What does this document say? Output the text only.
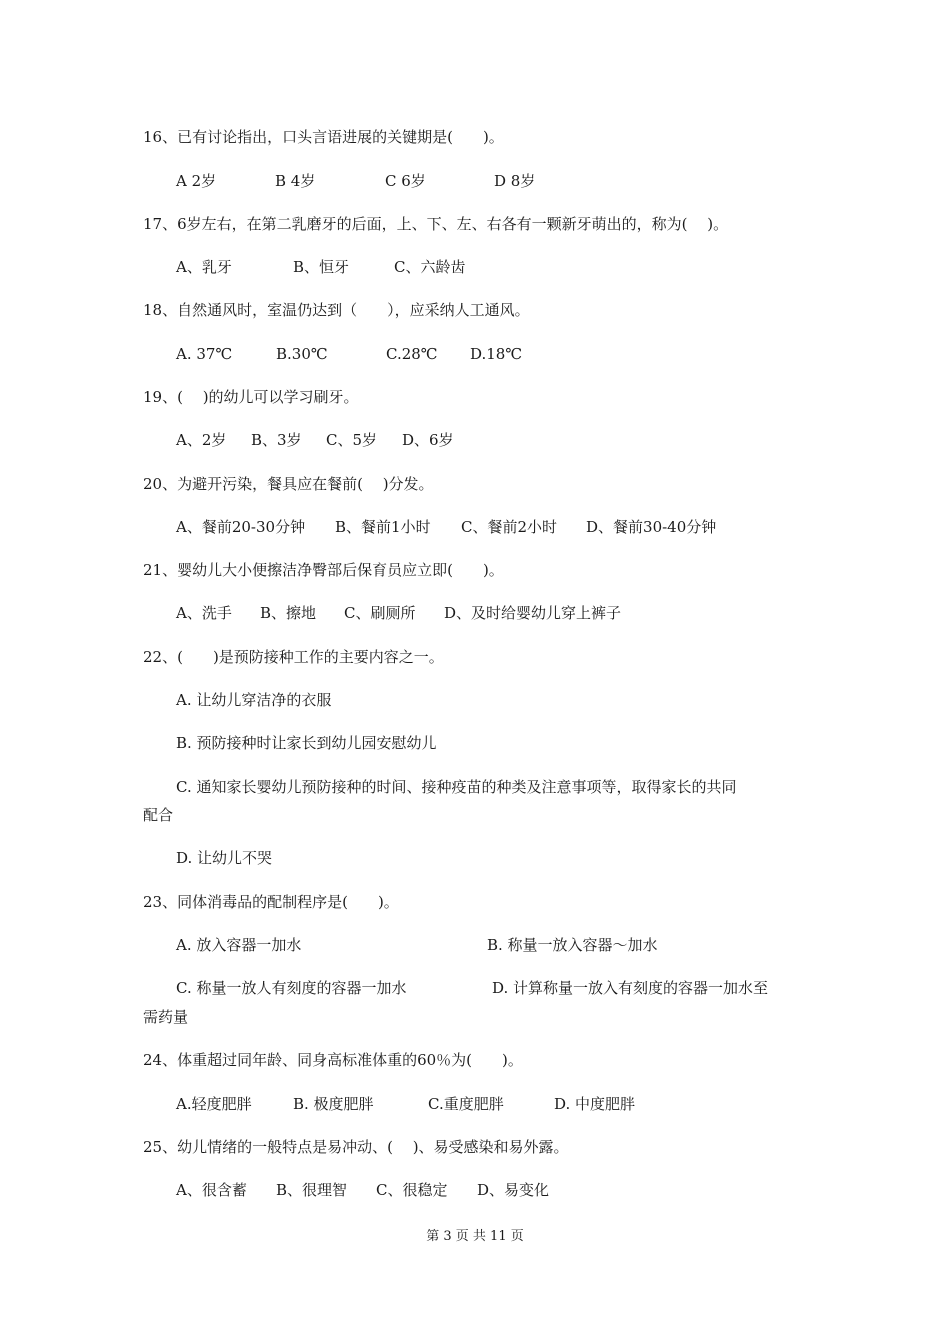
16、已有讨论指出，口头言语进展的关键期是(　　)。
A 2岁	B 4岁	C 6岁	D 8岁
17、6岁左右，在第二乳磨牙的后面，上、下、左、右各有一颗新牙萌出的，称为(　 )。
A、乳牙	B、恒牙	C、六龄齿
18、自然通风时，室温仍达到（　　），应采纳人工通风。
A. 37℃	B.30℃	C.28℃ D.18℃
19、(　 )的幼儿可以学习刷牙。
A、2岁 B、3岁 C、5岁 D、6岁
20、为避开污染，餐具应在餐前(　 )分发。
A、餐前20-30分钟 B、餐前1小时 C、餐前2小时 D、餐前30-40分钟
21、婴幼儿大小便擦洁净臀部后保育员应立即(　　)。
A、洗手 B、擦地 C、刷厕所 D、及时给婴幼儿穿上裤子
22、(　　)是预防接种工作的主要内容之一。
A. 让幼儿穿洁净的衣服
B. 预防接种时让家长到幼儿园安慰幼儿
C. 通知家长婴幼儿预防接种的时间、接种疫苗的种类及注意事项等，取得家长的共同
配合
D. 让幼儿不哭
23、同体消毒品的配制程序是(　　)。
A. 放入容器一加水	B. 称量一放入容器～加水
C. 称量一放人有刻度的容器一加水	D. 计算称量一放入有刻度的容器一加水至
需药量
24、体重超过同年龄、同身高标准体重的60％为(　　)。
A.轻度肥胖	B. 极度肥胖	C.重度肥胖	D. 中度肥胖
25、幼儿情绪的一般特点是易冲动、(　 )、易受感染和易外露。
A、很含蓄 B、很理智 C、很稳定 D、易变化
第 3 页 共 11 页
